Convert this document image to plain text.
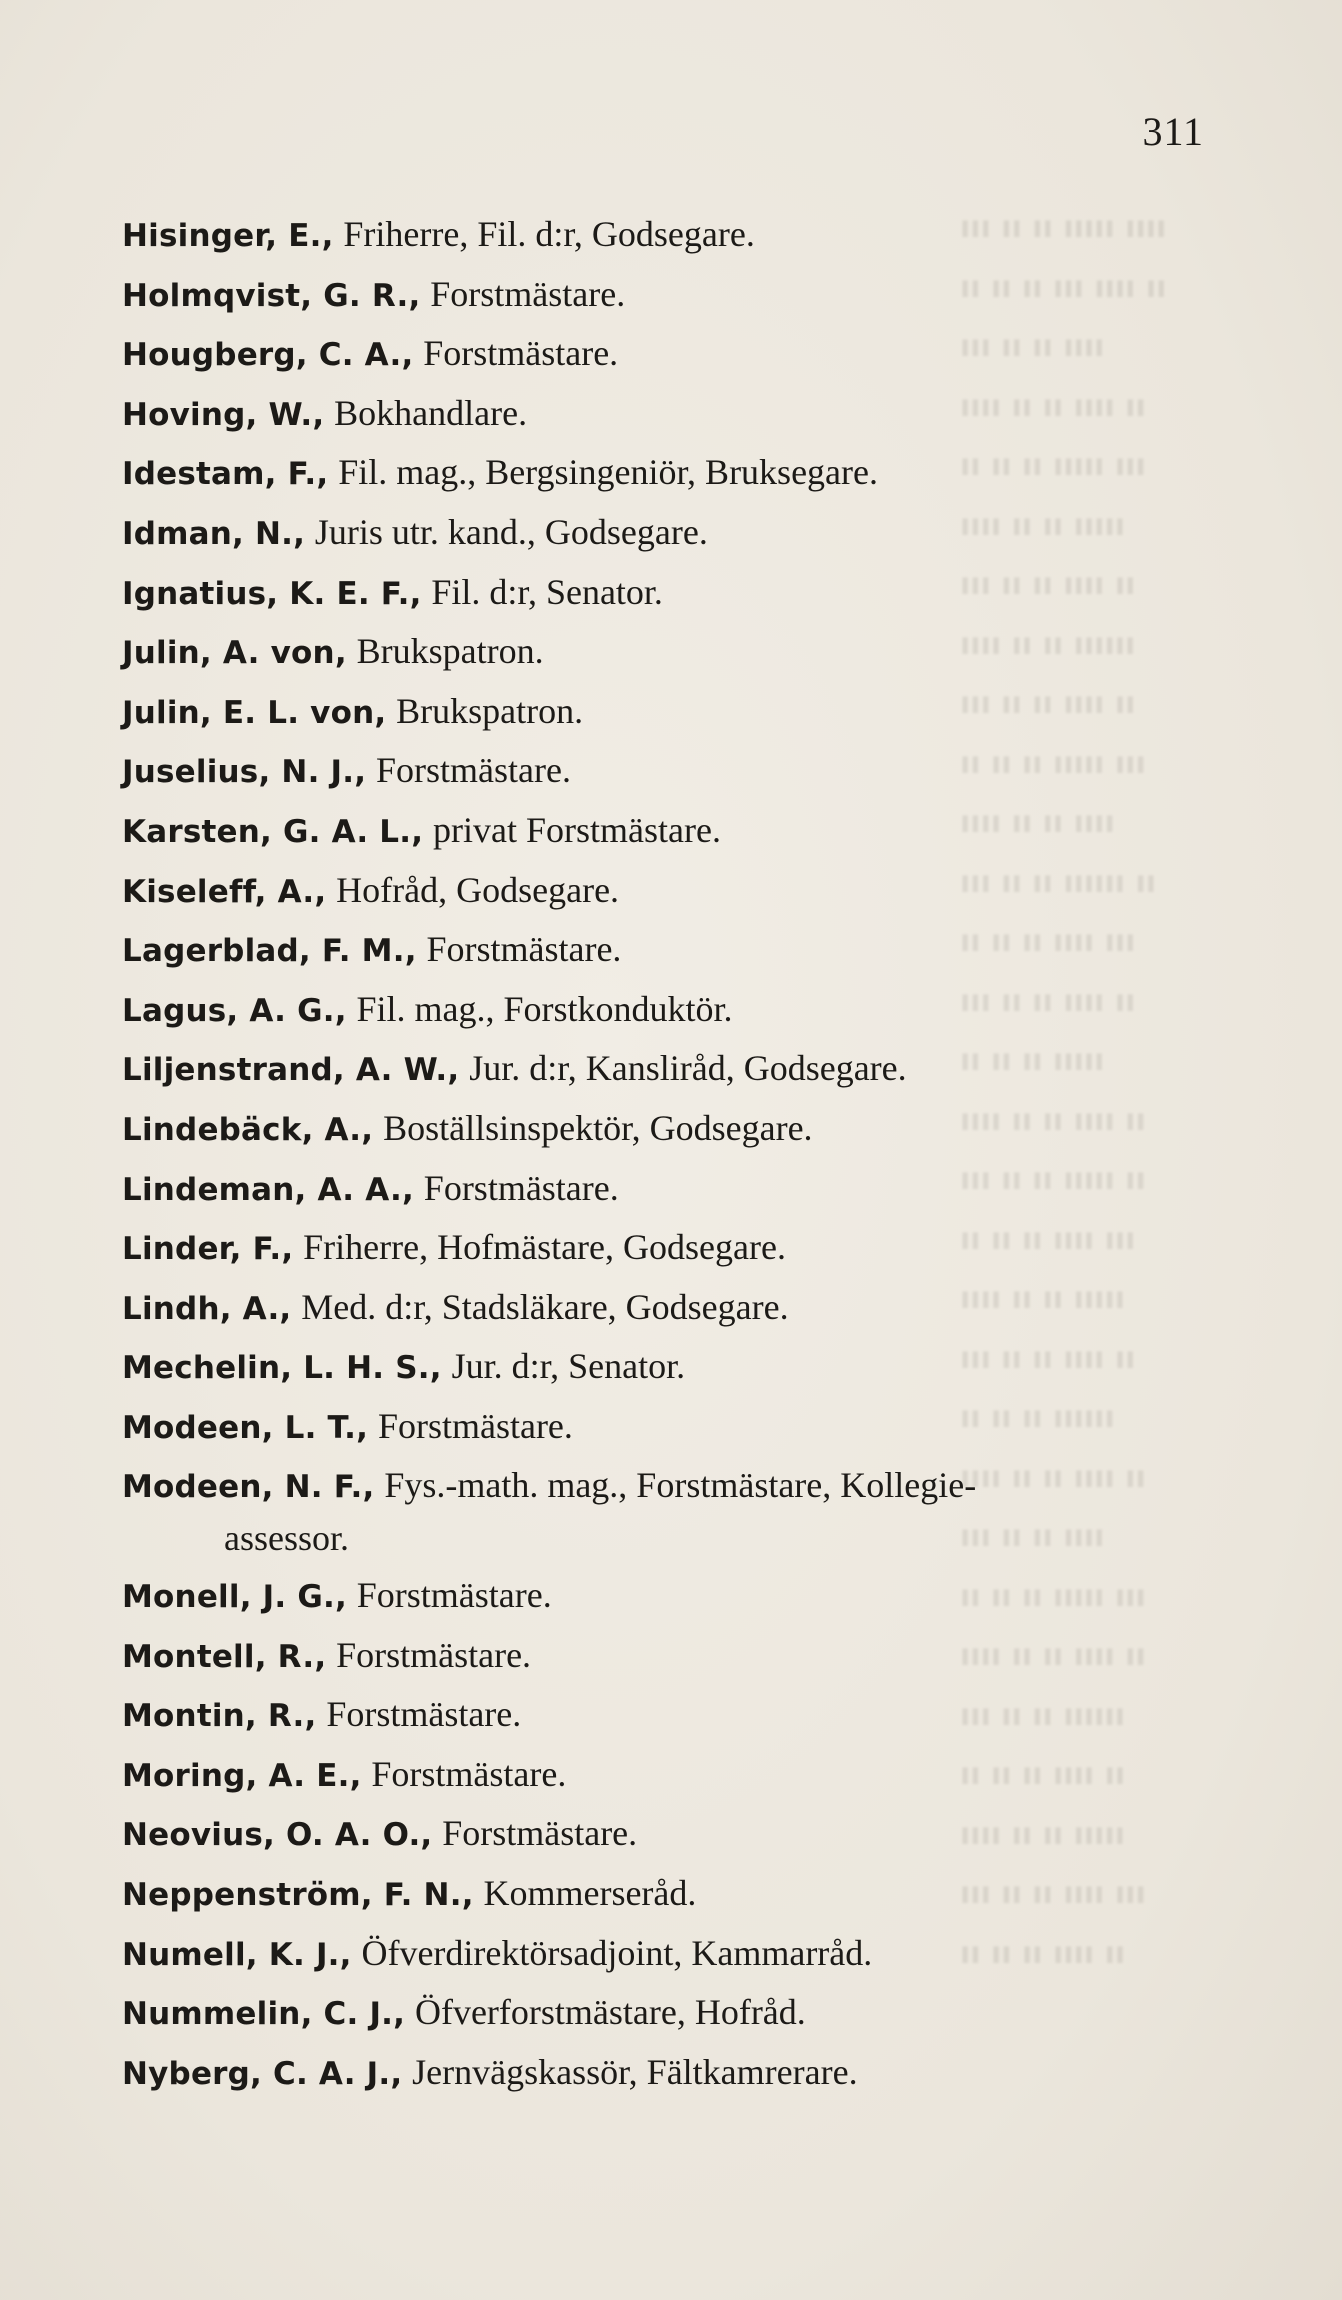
ııı ıı ıı ııııı ıııı
ıı ıı ıı ııı ıııı ıı
ııı ıı ıı ıııı
ıııı ıı ıı ıııı ıı
ıı ıı ıı ııııı ııı
ıııı ıı ıı ııııı
ııı ıı ıı ıııı ıı
ıııı ıı ıı ıııııı
ııı ıı ıı ıııı ıı
ıı ıı ıı ııııı ııı
ıııı ıı ıı ıııı
ııı ıı ıı ıııııı ıı
ıı ıı ıı ıııı ııı
ııı ıı ıı ıııı ıı
ıı ıı ıı ııııı
ıııı ıı ıı ıııı ıı
ııı ıı ıı ııııı ıı
ıı ıı ıı ıııı ııı
ıııı ıı ıı ııııı
ııı ıı ıı ıııı ıı
ıı ıı ıı ıııııı
ıııı ıı ıı ıııı ıı
ııı ıı ıı ıııı
ıı ıı ıı ııııı ııı
ıııı ıı ıı ıııı ıı
ııı ıı ıı ıııııı
ıı ıı ıı ıııı ıı
ıııı ıı ıı ııııı
ııı ıı ıı ıııı ııı
ıı ıı ıı ıııı ıı
311
Hisinger, E., Friherre, Fil. d:r, Godsegare.
Holmqvist, G. R., Forstmästare.
Hougberg, C. A., Forstmästare.
Hoving, W., Bokhandlare.
Idestam, F., Fil. mag., Bergsingeniör, Bruksegare.
Idman, N., Juris utr. kand., Godsegare.
Ignatius, K. E. F., Fil. d:r, Senator.
Julin, A. von, Brukspatron.
Julin, E. L. von, Brukspatron.
Juselius, N. J., Forstmästare.
Karsten, G. A. L., privat Forstmästare.
Kiseleff, A., Hofråd, Godsegare.
Lagerblad, F. M., Forstmästare.
Lagus, A. G., Fil. mag., Forstkonduktör.
Liljenstrand, A. W., Jur. d:r, Kansliråd, Godsegare.
Lindebäck, A., Boställsinspektör, Godsegare.
Lindeman, A. A., Forstmästare.
Linder, F., Friherre, Hofmästare, Godsegare.
Lindh, A., Med. d:r, Stadsläkare, Godsegare.
Mechelin, L. H. S., Jur. d:r, Senator.
Modeen, L. T., Forstmästare.
Modeen, N. F., Fys.-math. mag., Forstmästare, Kollegie-
assessor.
Monell, J. G., Forstmästare.
Montell, R., Forstmästare.
Montin, R., Forstmästare.
Moring, A. E., Forstmästare.
Neovius, O. A. O., Forstmästare.
Neppenström, F. N., Kommerseråd.
Numell, K. J., Öfverdirektörsadjoint, Kammarråd.
Nummelin, C. J., Öfverforstmästare, Hofråd.
Nyberg, C. A. J., Jernvägskassör, Fältkamrerare.
